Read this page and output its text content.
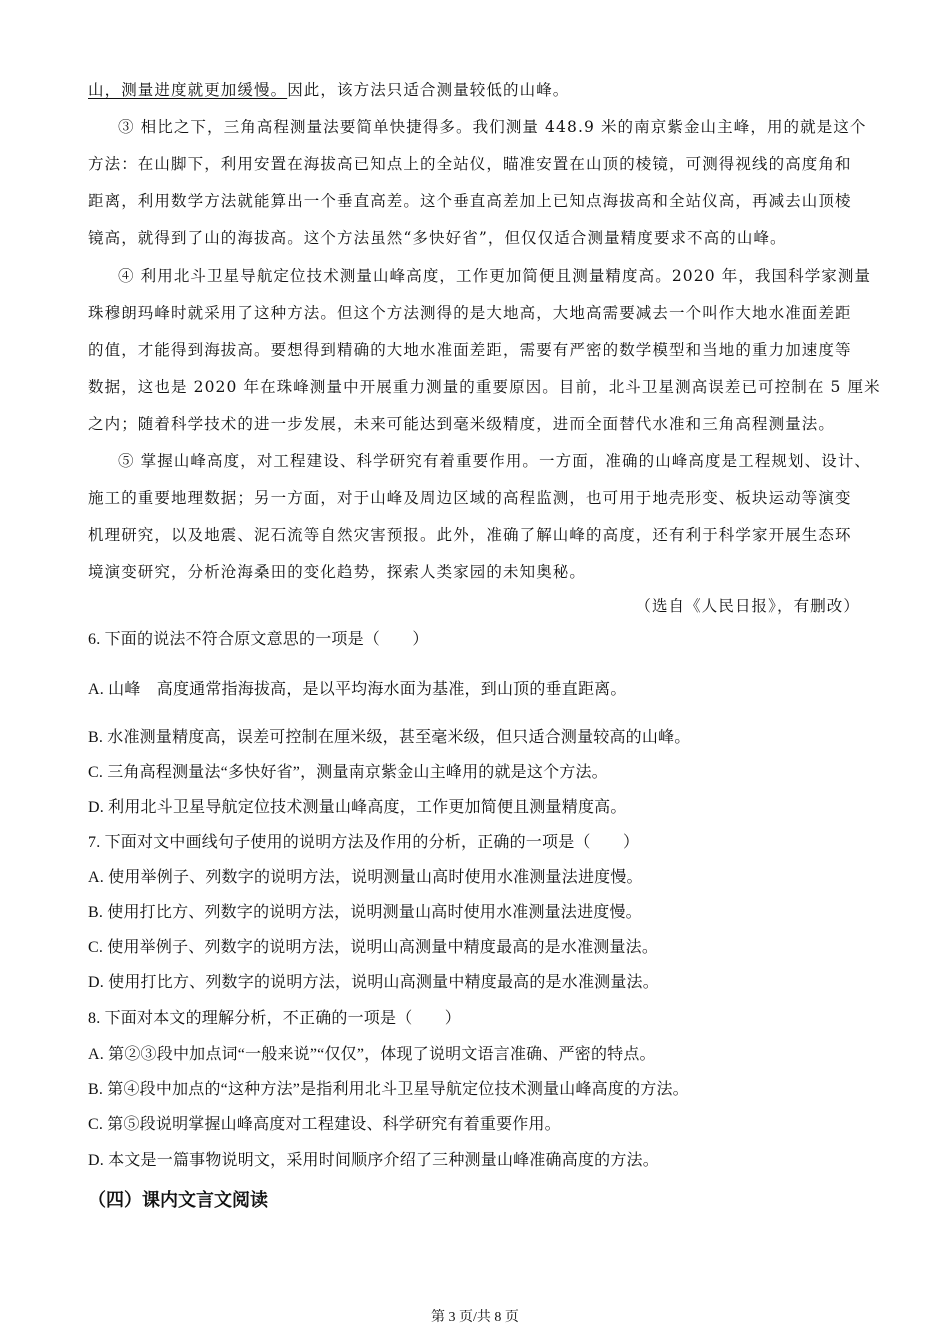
山，测量进度就更加缓慢。因此，该方法只适合测量较低的山峰。
③ 相比之下，三角高程测量法要简单快捷得多。我们测量 448.9 米的南京紫金山主峰，用的就是这个
方法：在山脚下，利用安置在海拔高已知点上的全站仪，瞄准安置在山顶的棱镜，可测得视线的高度角和
距离，利用数学方法就能算出一个垂直高差。这个垂直高差加上已知点海拔高和全站仪高，再减去山顶棱
镜高，就得到了山的海拔高。这个方法虽然“多快好省”，但仅仅适合测量精度要求不高的山峰。
④ 利用北斗卫星导航定位技术测量山峰高度，工作更加简便且测量精度高。2020 年，我国科学家测量
珠穆朗玛峰时就采用了这种方法。但这个方法测得的是大地高，大地高需要减去一个叫作大地水准面差距
的值，才能得到海拔高。要想得到精确的大地水准面差距，需要有严密的数学模型和当地的重力加速度等
数据，这也是 2020 年在珠峰测量中开展重力测量的重要原因。目前，北斗卫星测高误差已可控制在 5 厘米
之内；随着科学技术的进一步发展，未来可能达到毫米级精度，进而全面替代水准和三角高程测量法。
⑤ 掌握山峰高度，对工程建设、科学研究有着重要作用。一方面，准确的山峰高度是工程规划、设计、
施工的重要地理数据；另一方面，对于山峰及周边区域的高程监测，也可用于地壳形变、板块运动等演变
机理研究，以及地震、泥石流等自然灾害预报。此外，准确了解山峰的高度，还有利于科学家开展生态环
境演变研究，分析沧海桑田的变化趋势，探索人类家园的未知奥秘。
（选自《人民日报》，有删改）
6. 下面的说法不符合原文意思的一项是（　　）
A. 山峰　高度通常指海拔高，是以平均海水面为基准，到山顶的垂直距离。
B. 水准测量精度高，误差可控制在厘米级，甚至毫米级，但只适合测量较高的山峰。
C. 三角高程测量法“多快好省”，测量南京紫金山主峰用的就是这个方法。
D. 利用北斗卫星导航定位技术测量山峰高度，工作更加简便且测量精度高。
7. 下面对文中画线句子使用的说明方法及作用的分析，正确的一项是（　　）
A. 使用举例子、列数字的说明方法，说明测量山高时使用水准测量法进度慢。
B. 使用打比方、列数字的说明方法，说明测量山高时使用水准测量法进度慢。
C. 使用举例子、列数字的说明方法，说明山高测量中精度最高的是水准测量法。
D. 使用打比方、列数字的说明方法，说明山高测量中精度最高的是水准测量法。
8. 下面对本文的理解分析，不正确的一项是（　　）
A. 第②③段中加点词“一般来说”“仅仅”，体现了说明文语言准确、严密的特点。
B. 第④段中加点的“这种方法”是指利用北斗卫星导航定位技术测量山峰高度的方法。
C. 第⑤段说明掌握山峰高度对工程建设、科学研究有着重要作用。
D. 本文是一篇事物说明文，采用时间顺序介绍了三种测量山峰准确高度的方法。
（四）课内文言文阅读
第 3 页/共 8 页
